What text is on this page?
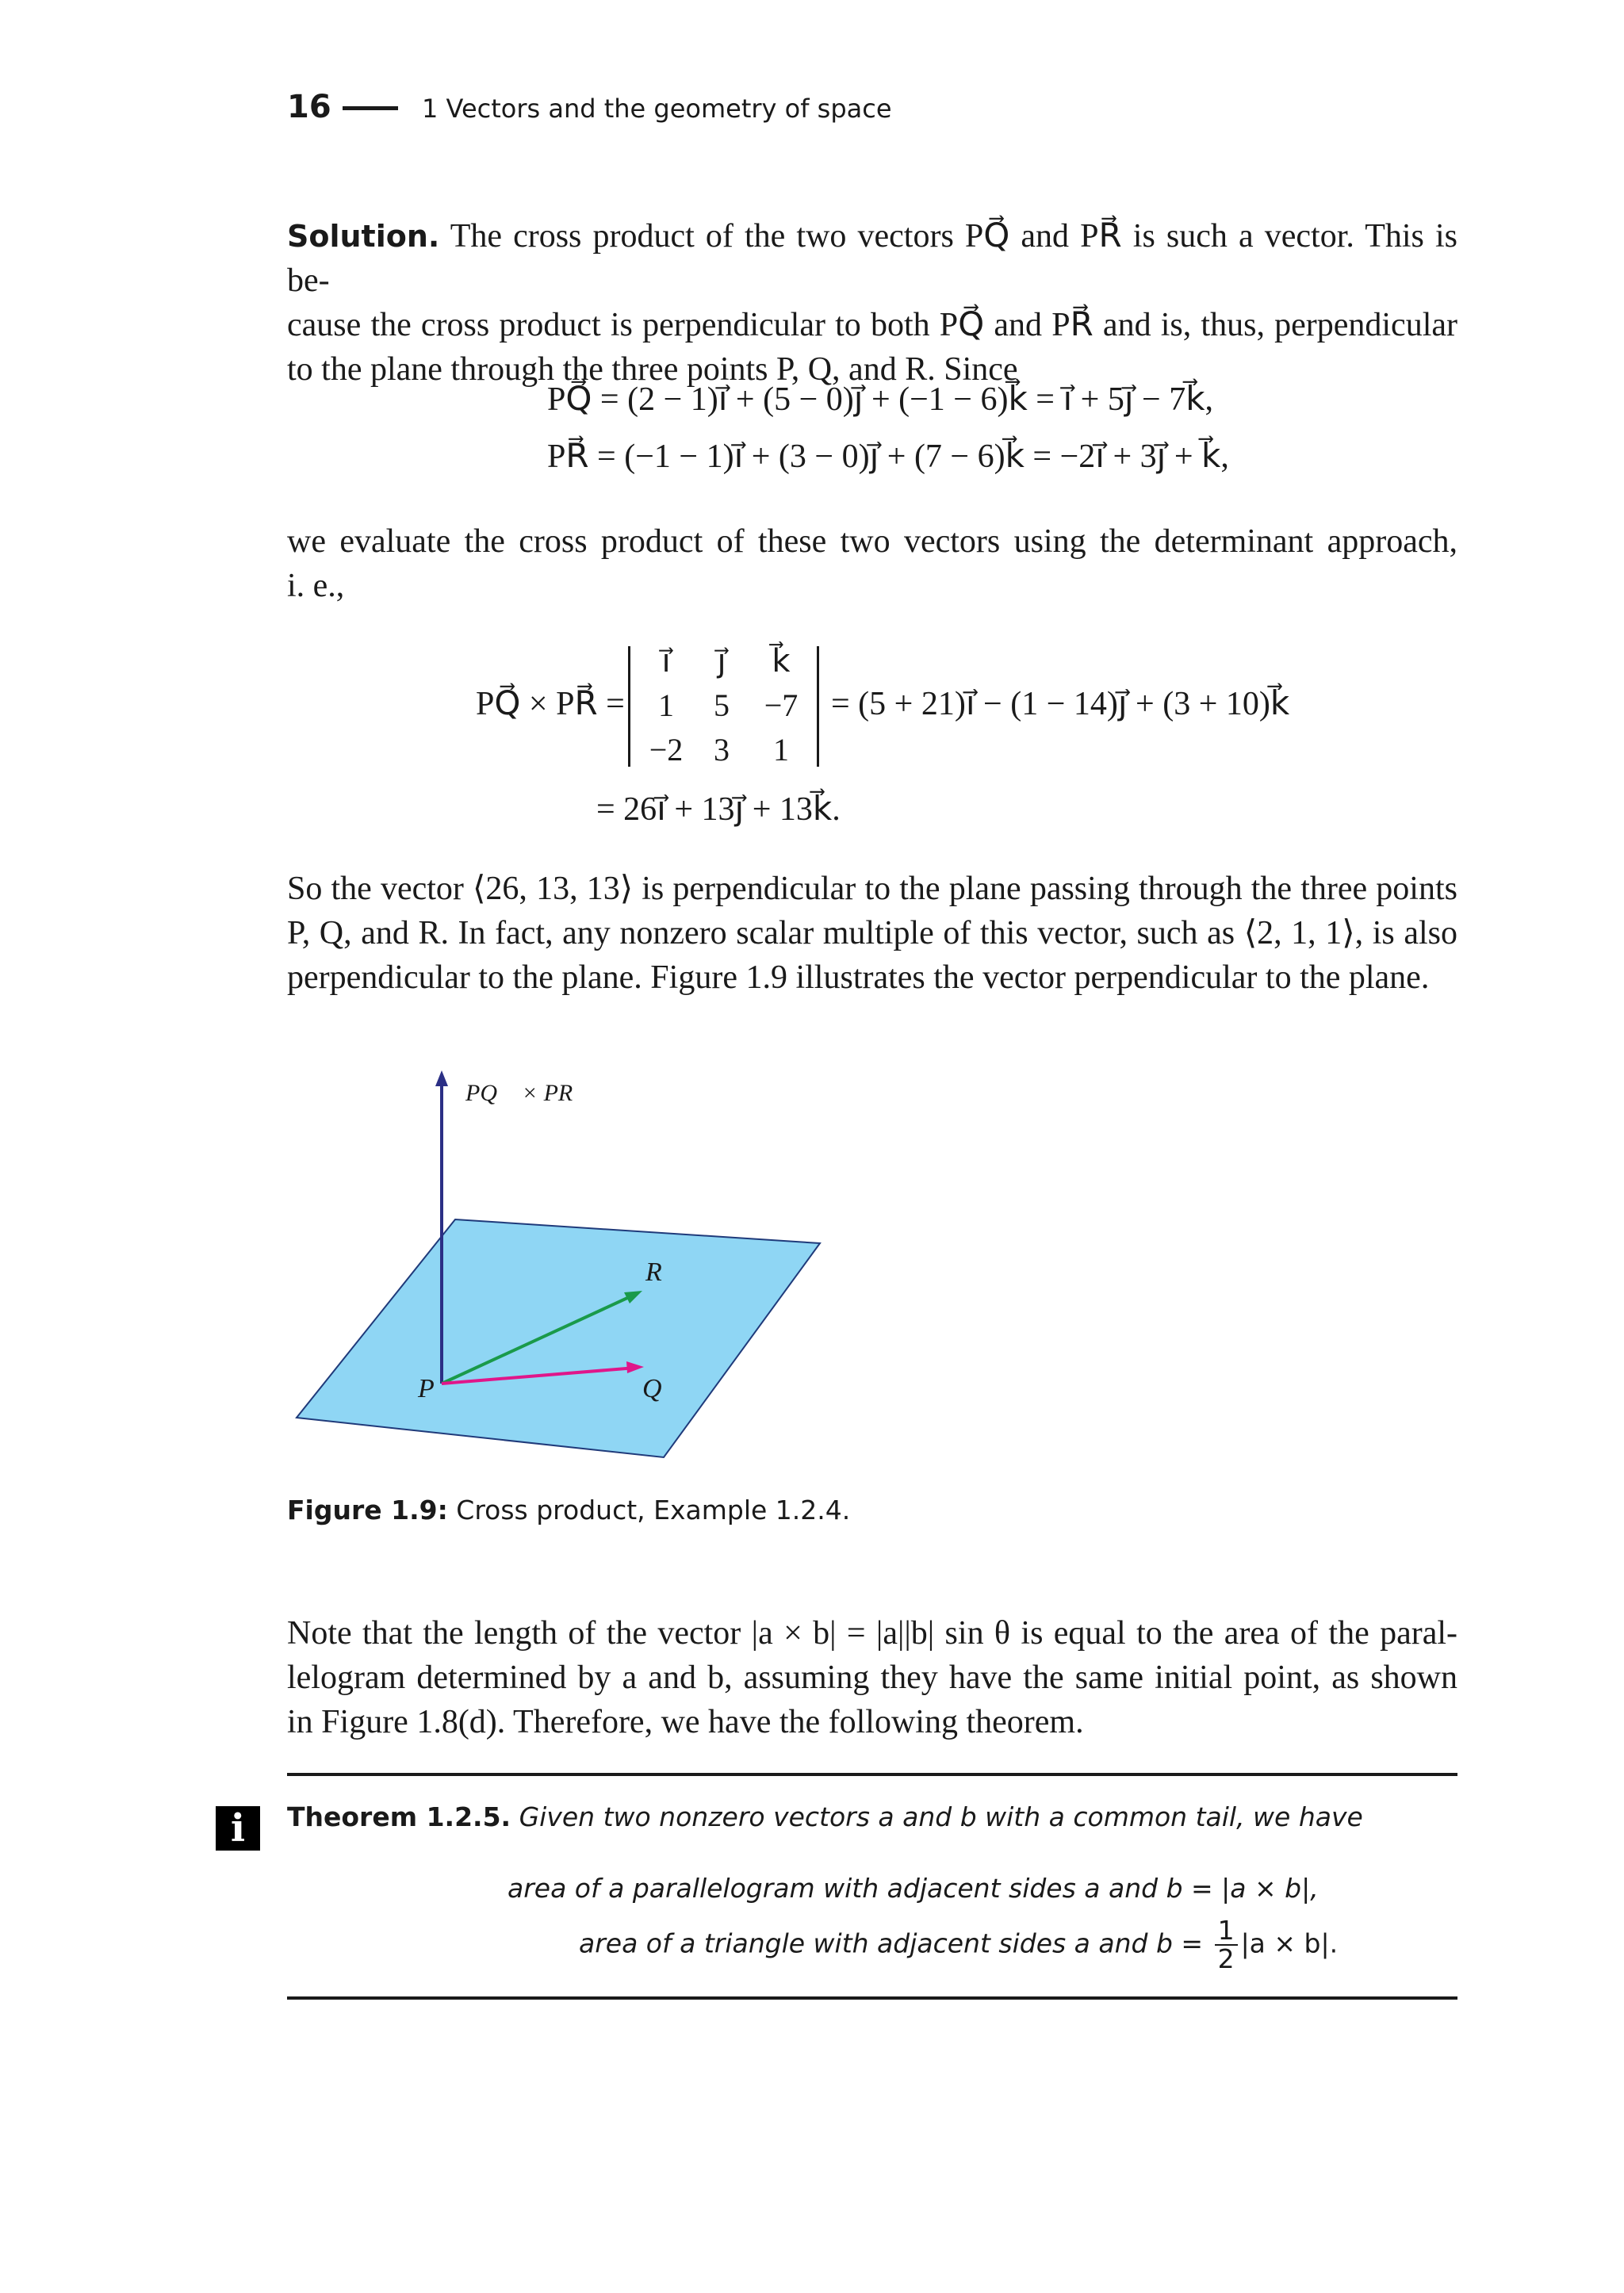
16	1 Vectors and the geometry of space
Solution. The cross product of the two vectors PQ⃗ and PR⃗ is such a vector. This is be-
cause the cross product is perpendicular to both PQ⃗ and PR⃗ and is, thus, perpendicular
to the plane through the three points P, Q, and R. Since
PQ⃗ = (2 − 1)i⃗ + (5 − 0)j⃗ + (−1 − 6)k⃗ = i⃗ + 5j⃗ − 7k⃗,
PR⃗ = (−1 − 1)i⃗ + (3 − 0)j⃗ + (7 − 6)k⃗ = −2i⃗ + 3j⃗ + k⃗,
we evaluate the cross product of these two vectors using the determinant approach,
i. e.,
PQ⃗ × PR⃗ =
i⃗	j⃗	k⃗
1	5	−7
−2 3	1
= (5 + 21)i⃗ − (1 − 14)j⃗ + (3 + 10)k⃗
= 26i⃗ + 13j⃗ + 13k⃗.
So the vector ⟨26, 13, 13⟩ is perpendicular to the plane passing through the three points
P, Q, and R. In fact, any nonzero scalar multiple of this vector, such as ⟨2, 1, 1⟩, is also
perpendicular to the plane. Figure 1.9 illustrates the vector perpendicular to the plane.
PQ⃗ × PR⃗
P	Q
R
Figure 1.9: Cross product, Example 1.2.4.
Note that the length of the vector |a × b| = |a||b| sin θ is equal to the area of the paral-
lelogram determined by a and b, assuming they have the same initial point, as shown
in Figure 1.8(d). Therefore, we have the following theorem.
i	Theorem 1.2.5. Given two nonzero vectors a and b with a common tail, we have
area of a parallelogram with adjacent sides a and b = |a × b|,
area of a triangle with adjacent sides a and $b = \frac{1}{2} |a \times b|$.
